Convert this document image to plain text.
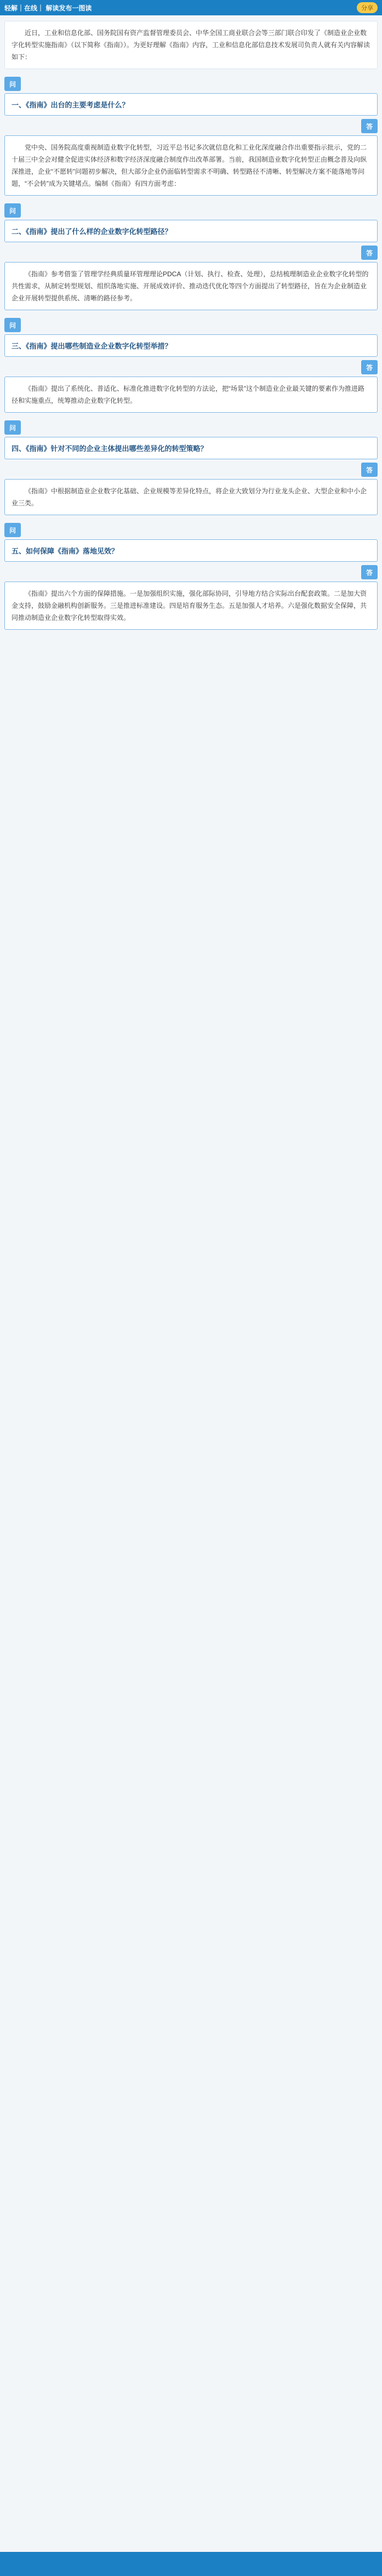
轻解｜在线｜ 解读发布一图读	分享
近日，工业和信息化部、国务院国有资产监督管理委员会、中华全国工商业联合会等三部门联合印发了《制造业企业数字化转型实施指南》（以下简称《指南》）。为更好理解《指南》内容，工业和信息化部信息技术发展司负责人就有关内容解读如下：
问
一、《指南》出台的主要考虑是什么？
答

党中央、国务院高度重视制造业数字化转型，习近平总书记多次就信息化和工业化深度融合作出重要指示批示，党的二十届三中全会对健全促进实体经济和数字经济深度融合制度作出改革部署。当前，我国制造业数字化转型正由概念普及向纵深推进，企业“不愿转”问题初步解决，但大部分企业仍面临转型需求不明确、转型路径不清晰、转型解决方案不能落地等问题，“不会转”成为关键堵点。编制《指南》有四方面考虑：

问
二、《指南》提出了什么样的企业数字化转型路径？
答

《指南》参考借鉴了管理学经典质量环管理理论PDCA（计划、执行、检查、处理），总结梳理制造业企业数字化转型的共性需求，从制定转型规划、组织落地实施、开展成效评价、推动迭代优化等四个方面提出了转型路径，旨在为企业制造业企业开展转型提供系统、清晰的路径参考。

问
三、《指南》提出哪些制造业企业数字化转型举措？
答

《指南》提出了系统化、普适化、标准化推进数字化转型的方法论，把“场景”这个制造业企业最关键的要素作为推进路径和实施重点，统筹推动企业数字化转型。

问
四、《指南》针对不同的企业主体提出哪些差异化的转型策略？
答

《指南》中根据制造业企业数字化基础、企业规模等差异化特点，将企业大致划分为行业龙头企业、大型企业和中小企业三类。

问
五、如何保障《指南》落地见效？
答

《指南》提出六个方面的保障措施。一是加强组织实施，强化部际协同，引导地方结合实际出台配套政策。二是加大资金支持，鼓励金融机构创新服务。三是推进标准建设。四是培育服务生态。五是加强人才培养。六是强化数据安全保障，共同推动制造业企业数字化转型取得实效。
